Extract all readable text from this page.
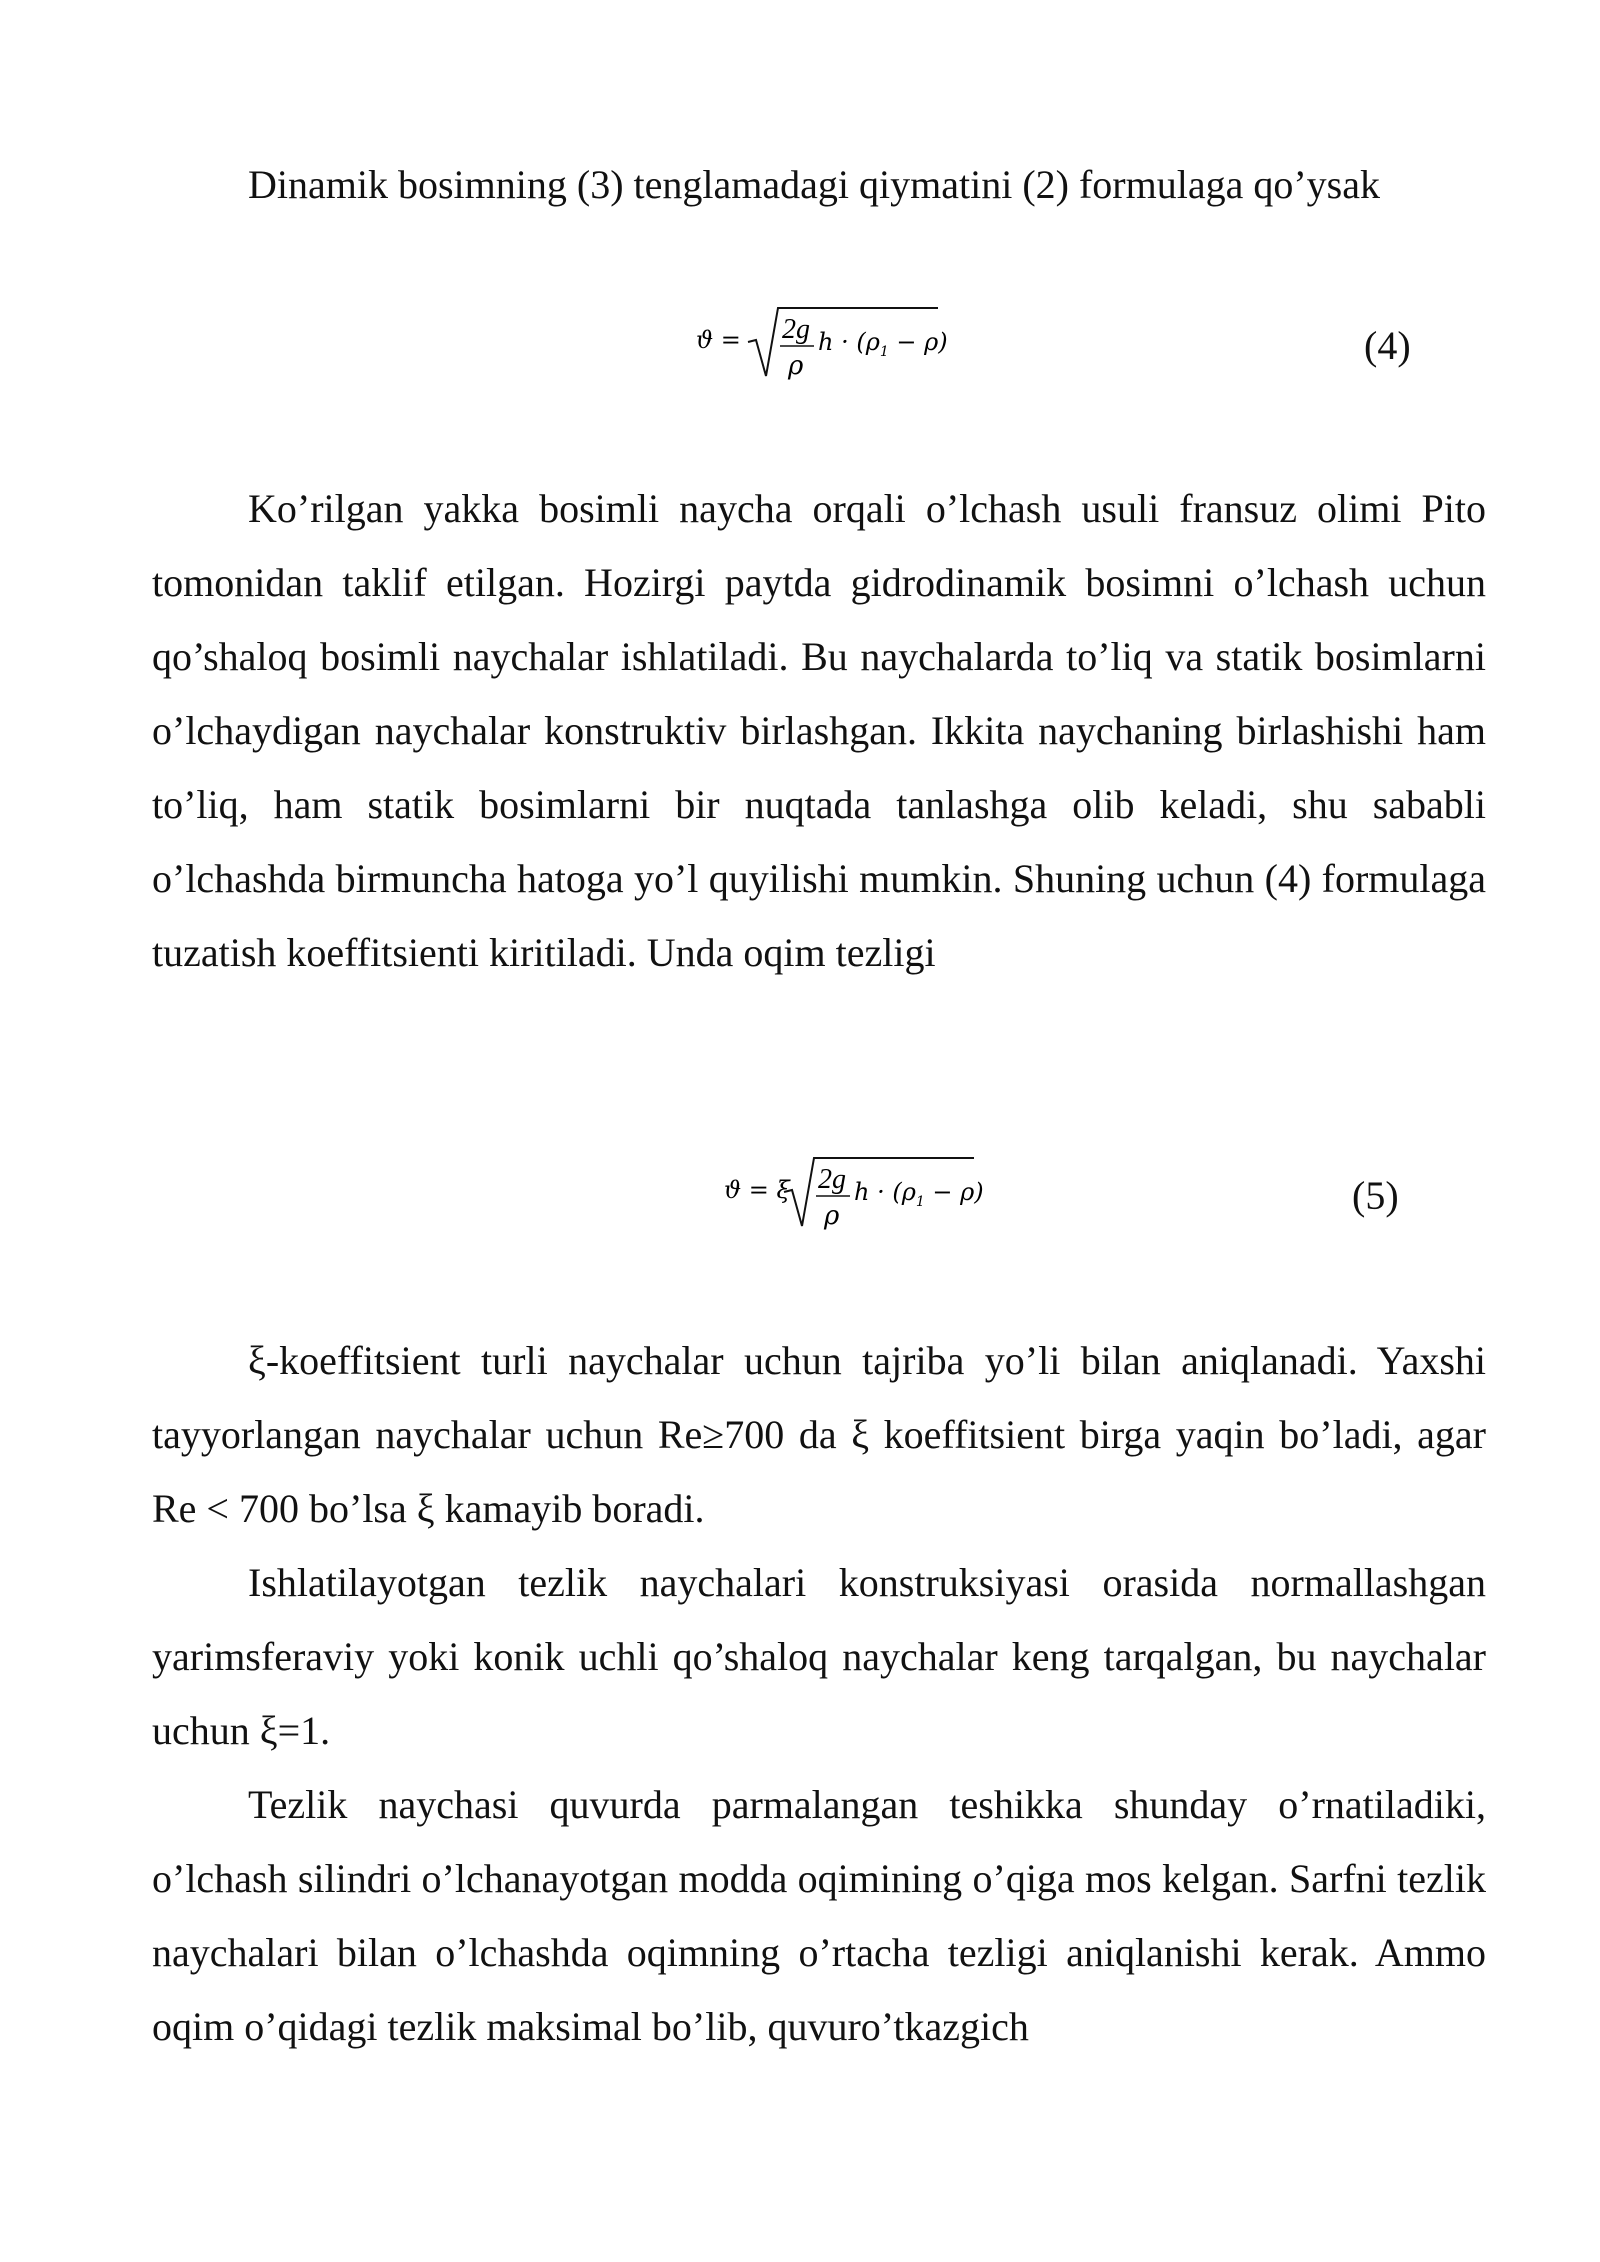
Dinamik bosimning (3) tenglamadagi qiymatini (2) formulaga qo’ysak
ϑ = 2g
ρ
$h \cdot (\rho_1 - \rho)$	(4)

Ko’rilgan yakka bosimli naycha orqali o’lchash usuli fransuz olimi Pito tomonidan taklif etilgan. Hozirgi paytda gidrodinamik bosimni o’lchash uchun qo’shaloq bosimli naychalar ishlatiladi. Bu naychalarda to’liq va statik bosimlarni o’lchaydigan naychalar konstruktiv birlashgan. Ikkita naychaning birlashishi ham to’liq, ham statik bosimlarni bir nuqtada tanlashga olib keladi, shu sababli o’lchashda birmuncha hatoga yo’l quyilishi mumkin. Shuning uchun (4) formulaga tuzatish koeffitsienti kiritiladi. Unda oqim tezligi

ϑ = ξ 2g
ρ
$h \cdot (\rho_1 - \rho)$	(5)

ξ-koeffitsient turli naychalar uchun tajriba yo’li bilan aniqlanadi. Yaxshi tayyorlangan naychalar uchun Re≥700 da ξ koeffitsient birga yaqin bo’ladi, agar Re < 700 bo’lsa ξ kamayib boradi.

Ishlatilayotgan tezlik naychalari konstruksiyasi orasida normallashgan yarimsferaviy yoki konik uchli qo’shaloq naychalar keng tarqalgan, bu naychalar uchun ξ=1.

Tezlik naychasi quvurda parmalangan teshikka shunday o’rnatiladiki, o’lchash silindri o’lchanayotgan modda oqimining o’qiga mos kelgan. Sarfni tezlik naychalari bilan o’lchashda oqimning o’rtacha tezligi aniqlanishi kerak. Ammo oqim o’qidagi tezlik maksimal bo’lib, quvuro’tkazgich
